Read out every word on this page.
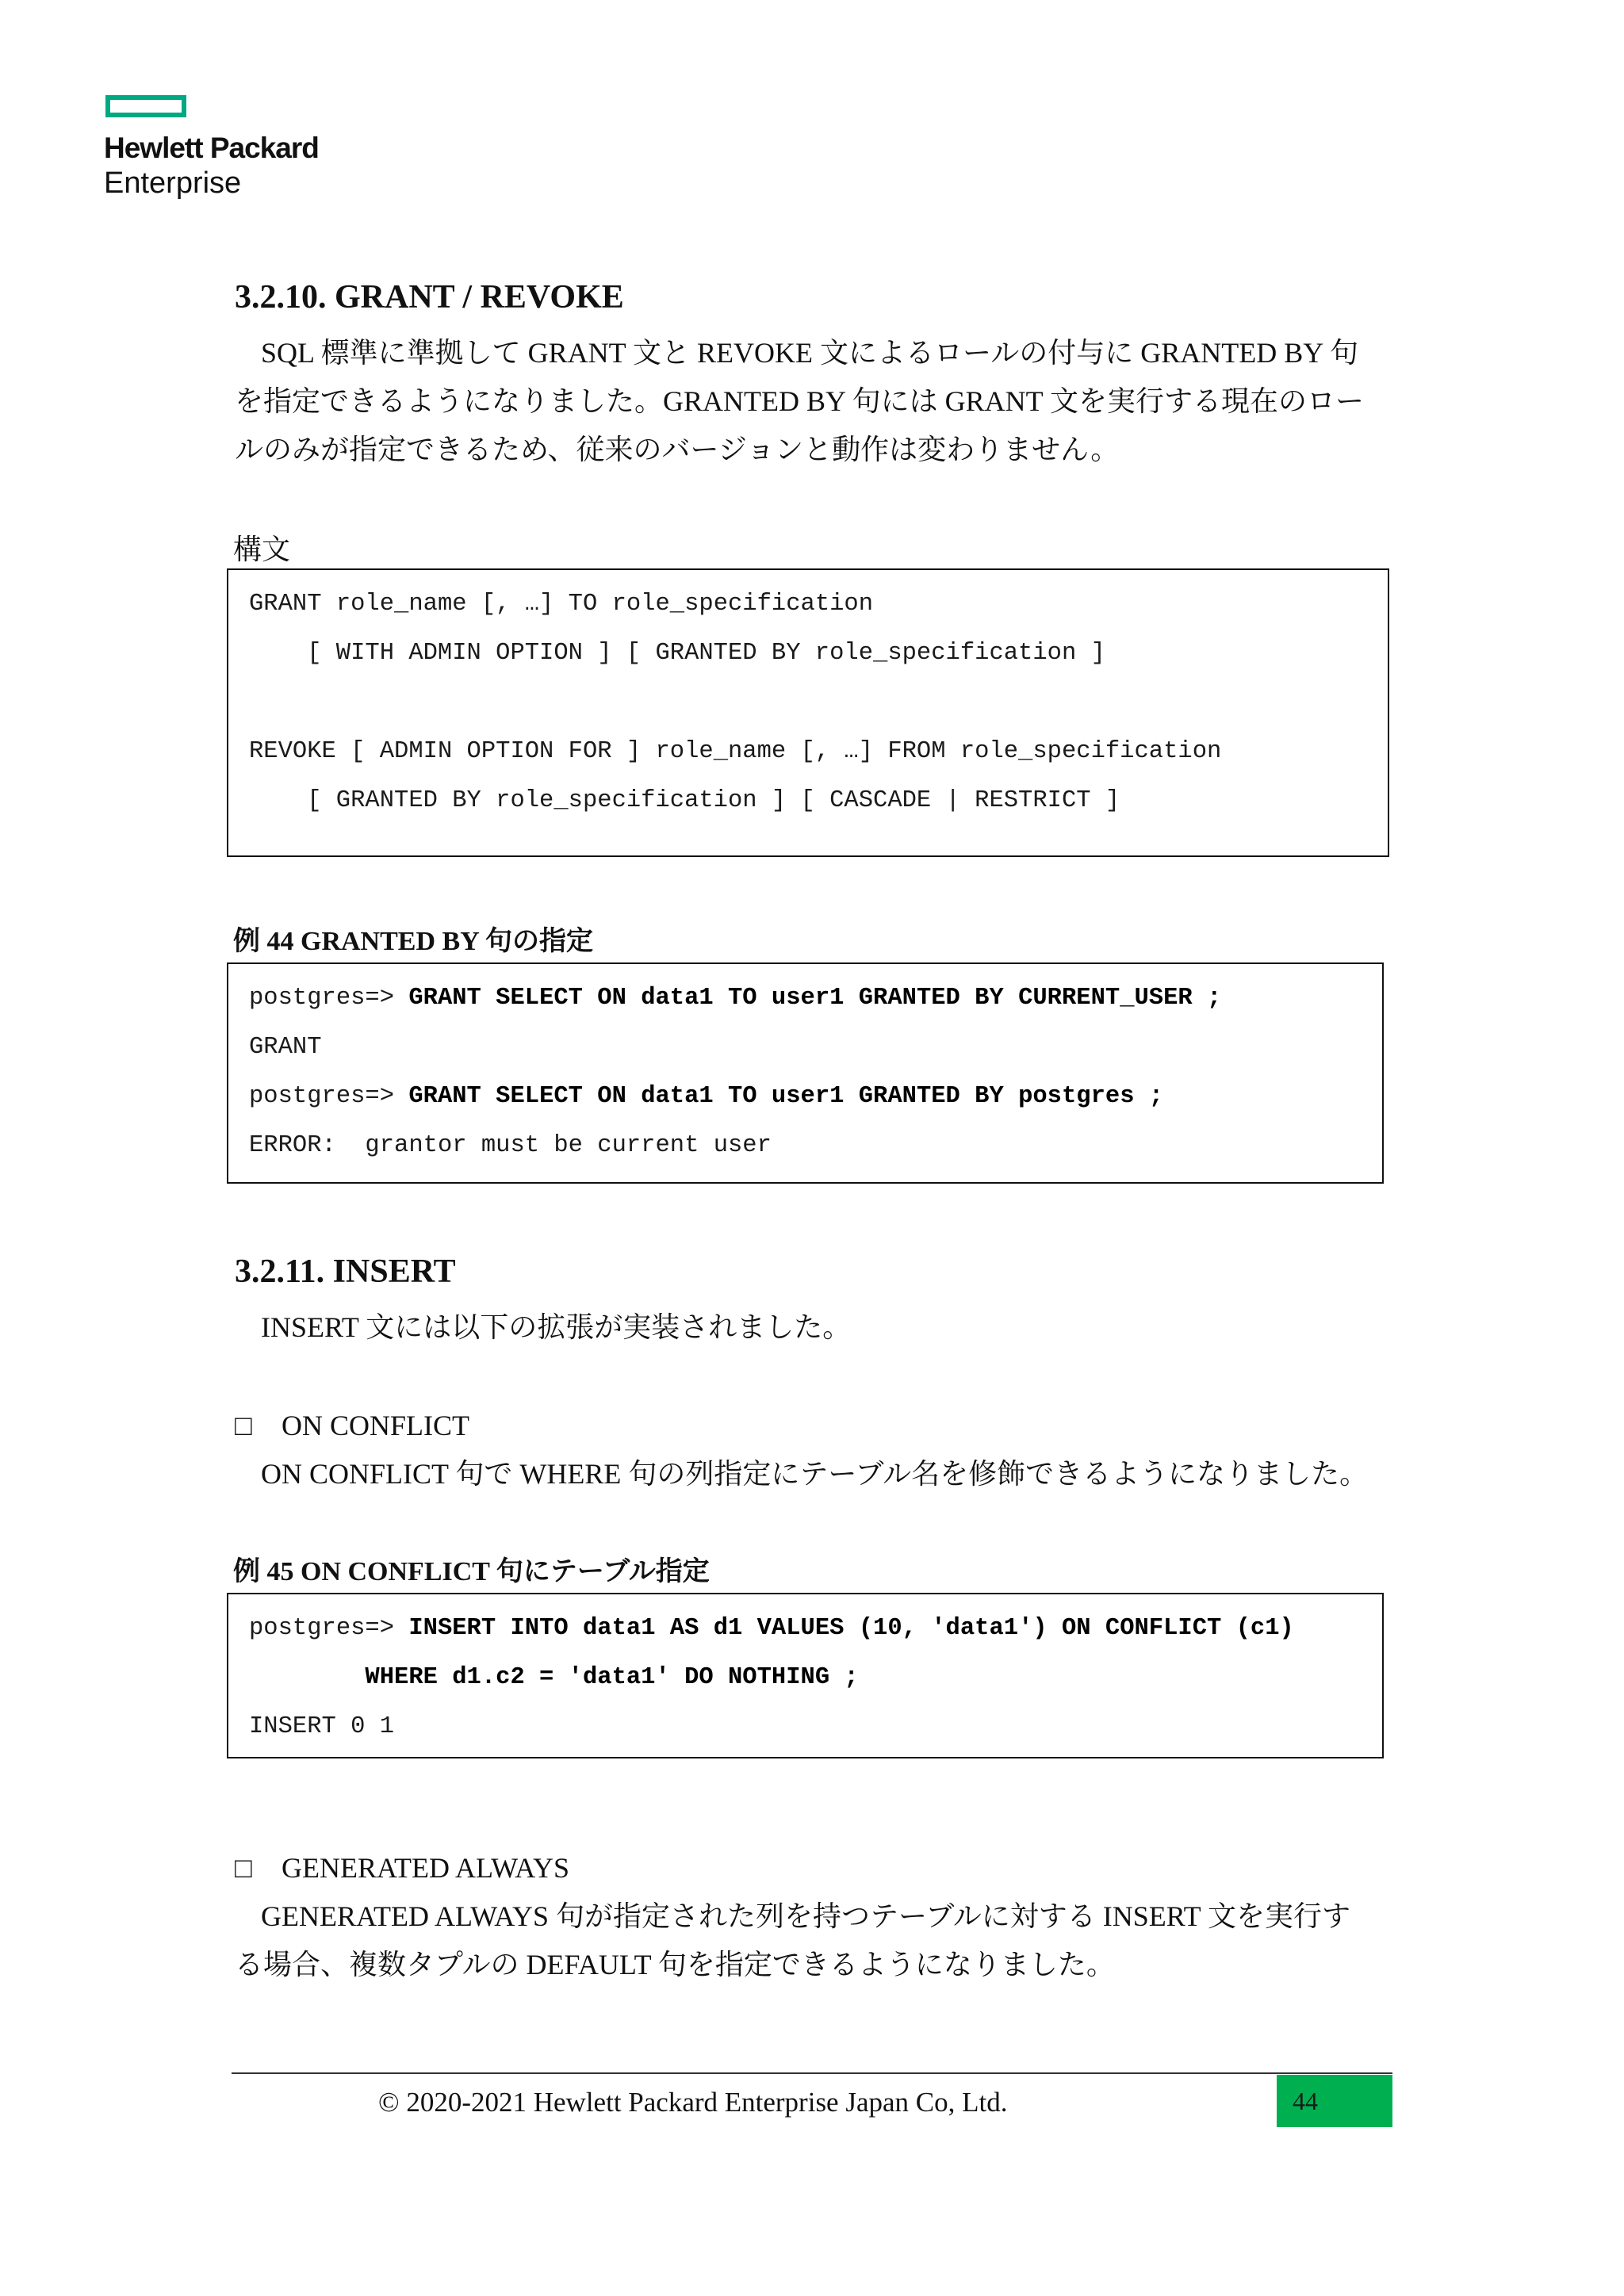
Hewlett Packard
Enterprise
3.2.10. GRANT / REVOKE
SQL 標準に準拠して GRANT 文と REVOKE 文によるロールの付与に GRANTED BY 句
を指定できるようになりました。GRANTED BY 句には GRANT 文を実行する現在のロー
ルのみが指定できるため、従来のバージョンと動作は変わりません。
構文
GRANT role_name [, …] TO role_specification
[ WITH ADMIN OPTION ] [ GRANTED BY role_specification ]
REVOKE [ ADMIN OPTION FOR ] role_name [, …] FROM role_specification
[ GRANTED BY role_specification ] [ CASCADE | RESTRICT ]
例 44 GRANTED BY 句の指定
postgres=> GRANT SELECT ON data1 TO user1 GRANTED BY CURRENT_USER ;
GRANT
postgres=> GRANT SELECT ON data1 TO user1 GRANTED BY postgres ;
ERROR:  grantor must be current user
3.2.11. INSERT
INSERT 文には以下の拡張が実装されました。
□ ON CONFLICT
ON CONFLICT 句で WHERE 句の列指定にテーブル名を修飾できるようになりました。
例 45 ON CONFLICT 句にテーブル指定
postgres=> INSERT INTO data1 AS d1 VALUES (10, 'data1') ON CONFLICT (c1)
WHERE d1.c2 = 'data1' DO NOTHING ;
INSERT 0 1
□ GENERATED ALWAYS
GENERATED ALWAYS 句が指定された列を持つテーブルに対する INSERT 文を実行す
る場合、複数タプルの DEFAULT 句を指定できるようになりました。
© 2020-2021 Hewlett Packard Enterprise Japan Co, Ltd.	44
